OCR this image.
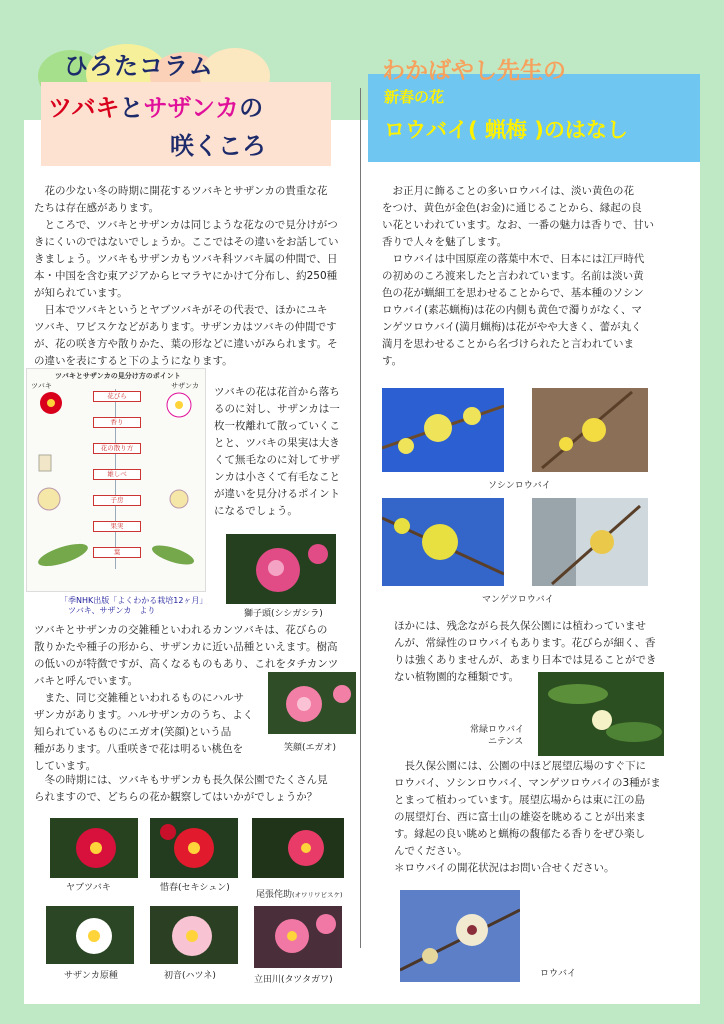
ひろたコラム
ツバキとサザンカの
咲くころ
わかばやし先生の
新春の花
ロウバイ( 蝋梅 )のはなし
　花の少ない冬の時期に開花するツバキとサザンカの貴重な花
たちは存在感があります。
　ところで、ツバキとサザンカは同じような花なので見分けがつ
きにくいのではないでしょうか。ここではその違いをお話してい
きましょう。ツバキもサザンカもツバキ科ツバキ属の仲間で、日
本・中国を含む東アジアからヒマラヤにかけて分布し、約250種
が知られています。
　日本でツバキというとヤブツバキがその代表で、ほかにユキ
ツバキ、ワビスケなどがあります。サザンカはツバキの仲間です
が、花の咲き方や散りかた、葉の形などに違いがみられます。そ
の違いを表にすると下のようになります。
ツバキとサザンカの見分け方のポイント
ツバキ	サザンカ
花びら
香り
花の散り方
雄しべ
子房
果実
葉
「季NHK出版「よくわかる栽培12ヶ月」
　ツバキ、サザンカ　より
ツバキの花は花首から落ち
るのに対し、サザンカは一
枚一枚離れて散っていくこ
とと、ツバキの果実は大き
くて無毛なのに対してサザ
ンカは小さくて有毛なこと
が違いを見分けるポイント
になるでしょう。
獅子頭(シシガシラ)
ツバキとサザンカの交雑種といわれるカンツバキは、花びらの
散りかたや種子の形から、サザンカに近い品種といえます。樹高
の低いのが特徴ですが、高くなるものもあり、これをタチカンツ
バキと呼んでいます。
　また、同じ交雑種といわれるものにハルサ
ザンカがあります。ハルサザンカのうち、よく
知られているものにエガオ(笑顔)という品
種があります。八重咲きで花は明るい桃色を
しています。
笑顔(エガオ)
　冬の時期には、ツバキもサザンカも長久保公園でたくさん見
られますので、どちらの花か観察してはいかがでしょうか？
ヤブツバキ	惜春(セキシュン)
尾張侘助(オワリワビスケ)
サザンカ原種	初音(ハツネ)	立田川(タツタガワ)
　お正月に飾ることの多いロウバイは、淡い黄色の花
をつけ、黄色が金色(お金)に通じることから、縁起の良
い花といわれています。なお、一番の魅力は香りで、甘い
香りで人々を魅了します。
　ロウバイは中国原産の落葉中木で、日本には江戸時代
の初めのころ渡来したと言われています。名前は淡い黄
色の花が蝋細工を思わせることからで、基本種のソシン
ロウバイ(素芯蝋梅)は花の内側も黄色で濁りがなく、マ
ンゲツロウバイ(満月蝋梅)は花がやや大きく、蕾が丸く
満月を思わせることから名づけられたと言われていま
す。
ソシンロウバイ
マンゲツロウバイ
ほかには、残念ながら長久保公園には植わっていませ
んが、常緑性のロウバイもあります。花びらが細く、香
りは強くありませんが、あまり日本では見ることができ
ない植物園的な種類です。
常緑ロウバイ
　　ニテンス
　長久保公園には、公園の中ほど展望広場のすぐ下に
ロウバイ、ソシンロウバイ、マンゲツロウバイの3種がま
とまって植わっています。展望広場からは東に江の島
の展望灯台、西に富士山の雄姿を眺めることが出来ま
す。縁起の良い眺めと蝋梅の馥郁たる香りをぜひ楽し
んでください。
＊ロウバイの開花状況はお問い合せください。
ロウバイ
